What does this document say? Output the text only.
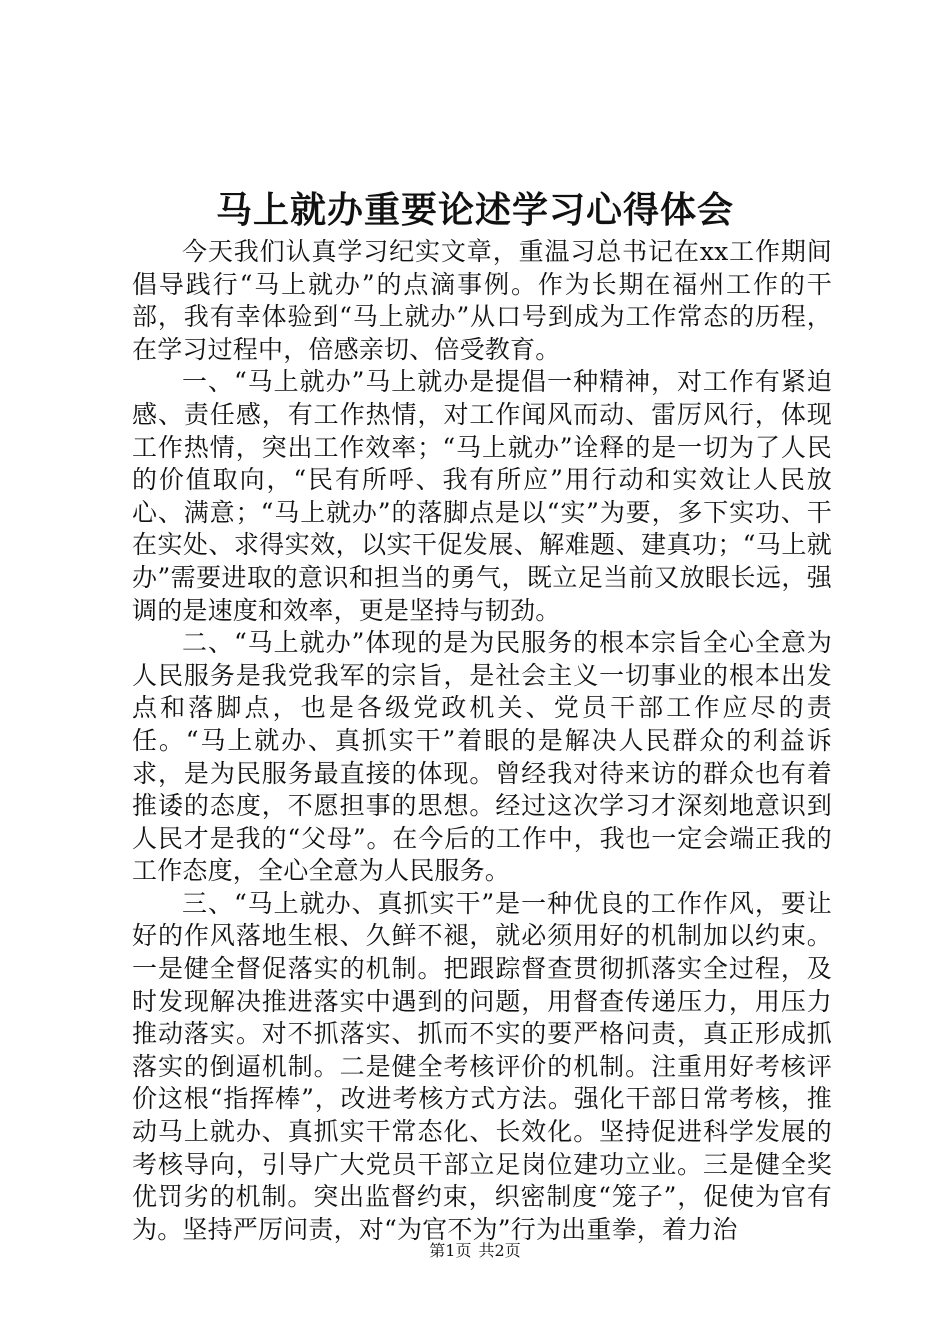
马上就办重要论述学习心得体会

今天我们认真学习纪实文章，重温习总书记在xx工作期间倡导践行“马上就办”的点滴事例。作为长期在福州工作的干部，我有幸体验到“马上就办”从口号到成为工作常态的历程，在学习过程中，倍感亲切、倍受教育。

一、“马上就办”马上就办是提倡一种精神，对工作有紧迫感、责任感，有工作热情，对工作闻风而动、雷厉风行，体现工作热情，突出工作效率；“马上就办”诠释的是一切为了人民的价值取向，“民有所呼、我有所应”用行动和实效让人民放心、满意；“马上就办”的落脚点是以“实”为要，多下实功、干在实处、求得实效，以实干促发展、解难题、建真功；“马上就办”需要进取的意识和担当的勇气，既立足当前又放眼长远，强调的是速度和效率，更是坚持与韧劲。

二、“马上就办”体现的是为民服务的根本宗旨全心全意为人民服务是我党我军的宗旨，是社会主义一切事业的根本出发点和落脚点，也是各级党政机关、党员干部工作应尽的责任。“马上就办、真抓实干”着眼的是解决人民群众的利益诉求，是为民服务最直接的体现。曾经我对待来访的群众也有着推诿的态度，不愿担事的思想。经过这次学习才深刻地意识到人民才是我的“父母”。在今后的工作中，我也一定会端正我的工作态度，全心全意为人民服务。

三、“马上就办、真抓实干”是一种优良的工作作风，要让好的作风落地生根、久鲜不褪，就必须用好的机制加以约束。一是健全督促落实的机制。把跟踪督查贯彻抓落实全过程，及时发现解决推进落实中遇到的问题，用督查传递压力，用压力推动落实。对不抓落实、抓而不实的要严格问责，真正形成抓落实的倒逼机制。二是健全考核评价的机制。注重用好考核评价这根“指挥棒”，改进考核方式方法。强化干部日常考核，推动马上就办、真抓实干常态化、长效化。坚持促进科学发展的考核导向，引导广大党员干部立足岗位建功立业。三是健全奖优罚劣的机制。突出监督约束，织密制度“笼子”，促使为官有为。坚持严厉问责，对“为官不为”行为出重拳，着力治

第1页 共2页
